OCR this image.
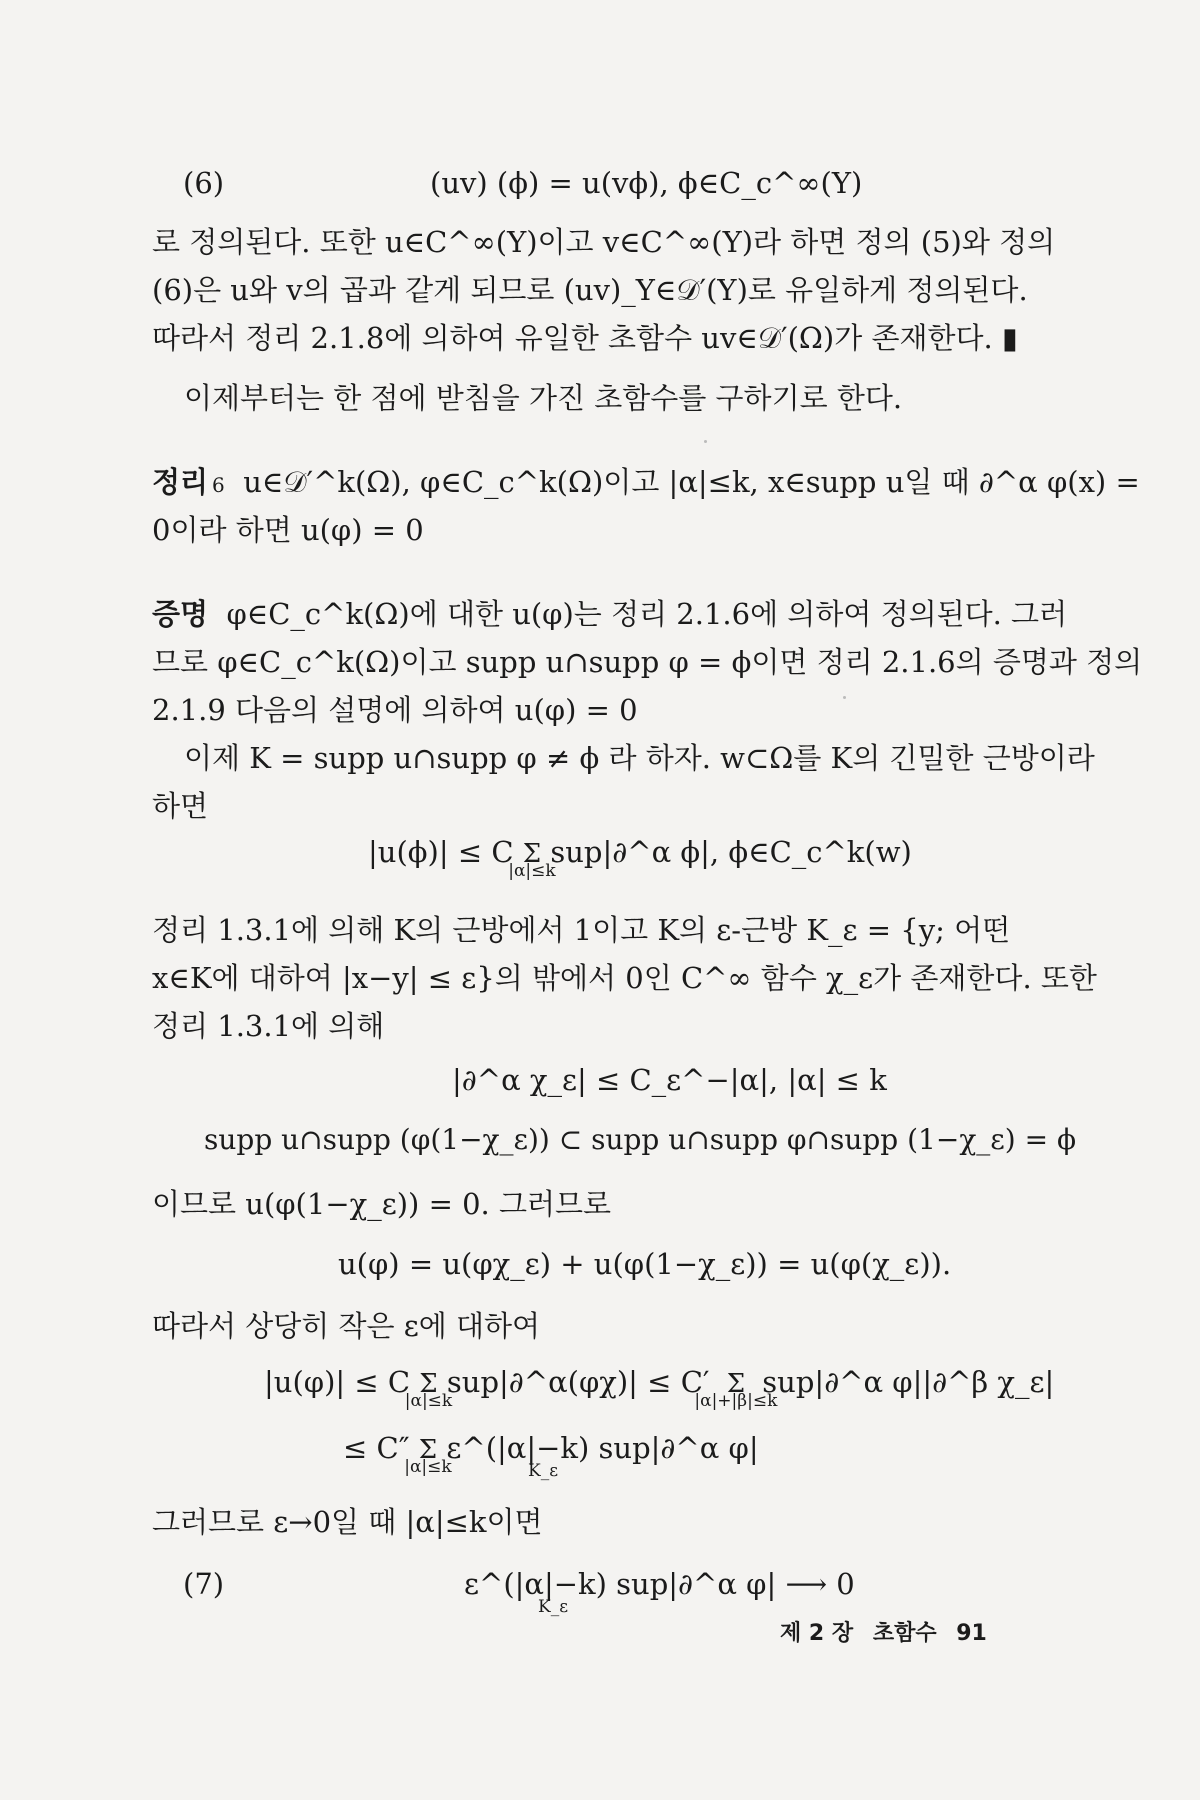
(6)	(uv) (ϕ) = u(vϕ), ϕ∈C_c^∞(Y)
로 정의된다. 또한 u∈C^∞(Y)이고 v∈C^∞(Y)라 하면 정의 (5)와 정의
(6)은 u와 v의 곱과 같게 되므로 (uv)_Y∈𝒟′(Y)로 유일하게 정의된다.
따라서 정리 2.1.8에 의하여 유일한 초함수 uv∈𝒟′(Ω)가 존재한다. ▮
이제부터는 한 점에 받침을 가진 초함수를 구하기로 한다.
정리 6 u∈𝒟′^k(Ω), φ∈C_c^k(Ω)이고 |α|≤k, x∈supp u일 때 ∂^α φ(x) =
0이라 하면 u(φ) = 0
증명 φ∈C_c^k(Ω)에 대한 u(φ)는 정리 2.1.6에 의하여 정의된다. 그러
므로 φ∈C_c^k(Ω)이고 supp u∩supp φ = ϕ이면 정리 2.1.6의 증명과 정의
2.1.9 다음의 설명에 의하여 u(φ) = 0
이제 K = supp u∩supp φ ≠ ϕ 라 하자. w⊂Ω를 K의 긴밀한 근방이라
하면
|u(ϕ)| ≤ C Σ
|α|≤k
sup|∂^α ϕ|, ϕ∈C_c^k(w)
정리 1.3.1에 의해 K의 근방에서 1이고 K의 ε-근방 K_ε = {y; 어떤
x∈K에 대하여 |x−y| ≤ ε}의 밖에서 0인 C^∞ 함수 χ_ε가 존재한다. 또한
정리 1.3.1에 의해
|∂^α χ_ε| ≤ C_ε^−|α|, |α| ≤ k
supp u∩supp (φ(1−χ_ε)) ⊂ supp u∩supp φ∩supp (1−χ_ε) = ϕ
이므로 u(φ(1−χ_ε)) = 0. 그러므로
u(φ) = u(φχ_ε) + u(φ(1−χ_ε)) = u(φ(χ_ε)).
따라서 상당히 작은 ε에 대하여
|u(φ)| ≤ C Σ
|α|≤k
sup|∂^α(φχ)| ≤ C′ Σ
|α|+|β|≤k
sup|∂^α φ||∂^β χ_ε|
≤ C″ Σ
|α|≤k
ε^(|α|−k) sup|∂^α φ|
K_ε
그러므로 ε→0일 때 |α|≤k이면
(7)	ε^(|α|−k) sup|∂^α φ| ⟶ 0
K_ε
제 2 장 초함수 91
